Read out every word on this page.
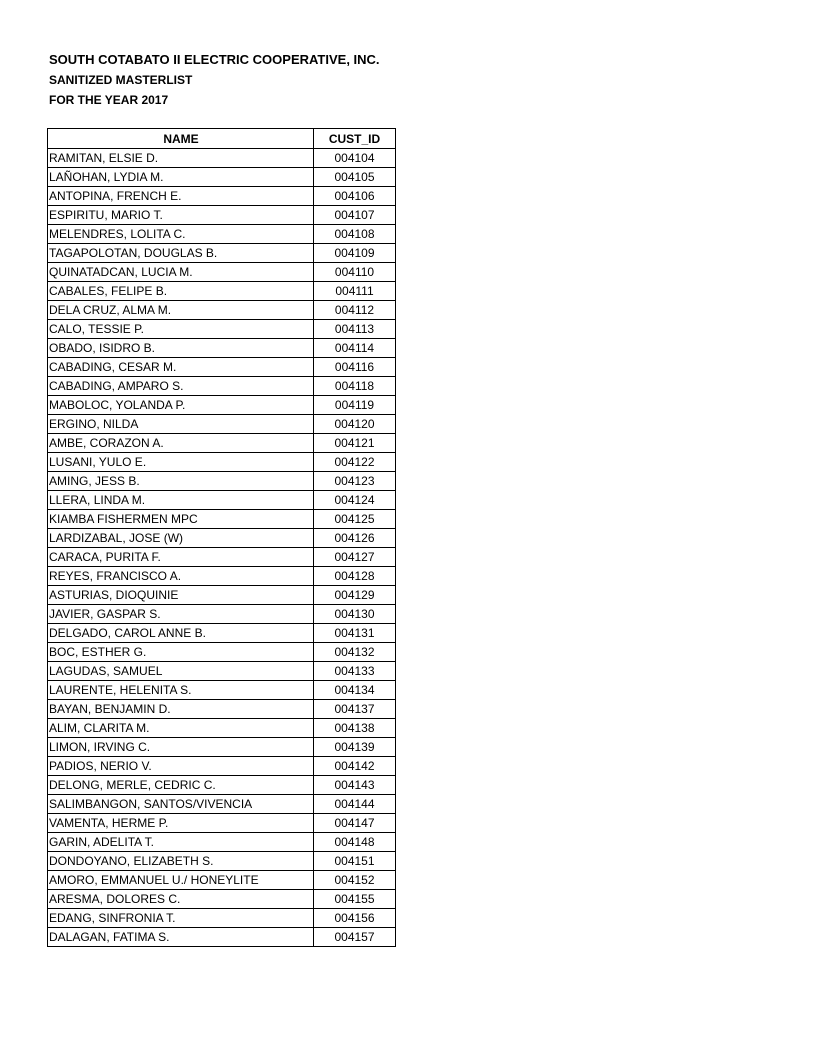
SOUTH COTABATO II ELECTRIC COOPERATIVE, INC.
SANITIZED MASTERLIST
FOR THE YEAR 2017
NAME	CUST_ID
RAMITAN, ELSIE D.	004104
LAÑOHAN, LYDIA M.	004105
ANTOPINA, FRENCH E.	004106
ESPIRITU, MARIO T.	004107
MELENDRES, LOLITA C.	004108
TAGAPOLOTAN, DOUGLAS B.	004109
QUINATADCAN, LUCIA M.	004110
CABALES, FELIPE B.	004111
DELA CRUZ, ALMA M.	004112
CALO, TESSIE P.	004113
OBADO, ISIDRO B.	004114
CABADING, CESAR M.	004116
CABADING, AMPARO S.	004118
MABOLOC, YOLANDA P.	004119
ERGINO, NILDA	004120
AMBE, CORAZON A.	004121
LUSANI, YULO E.	004122
AMING, JESS B.	004123
LLERA, LINDA M.	004124
KIAMBA FISHERMEN MPC	004125
LARDIZABAL, JOSE (W)	004126
CARACA, PURITA F.	004127
REYES, FRANCISCO A.	004128
ASTURIAS, DIOQUINIE	004129
JAVIER, GASPAR S.	004130
DELGADO, CAROL ANNE B.	004131
BOC, ESTHER G.	004132
LAGUDAS, SAMUEL	004133
LAURENTE, HELENITA S.	004134
BAYAN, BENJAMIN D.	004137
ALIM, CLARITA M.	004138
LIMON, IRVING C.	004139
PADIOS, NERIO V.	004142
DELONG, MERLE, CEDRIC C.	004143
SALIMBANGON, SANTOS/VIVENCIA	004144
VAMENTA, HERME P.	004147
GARIN, ADELITA T.	004148
DONDOYANO, ELIZABETH S.	004151
AMORO, EMMANUEL U./ HONEYLITE	004152
ARESMA, DOLORES C.	004155
EDANG, SINFRONIA T.	004156
DALAGAN, FATIMA S.	004157
